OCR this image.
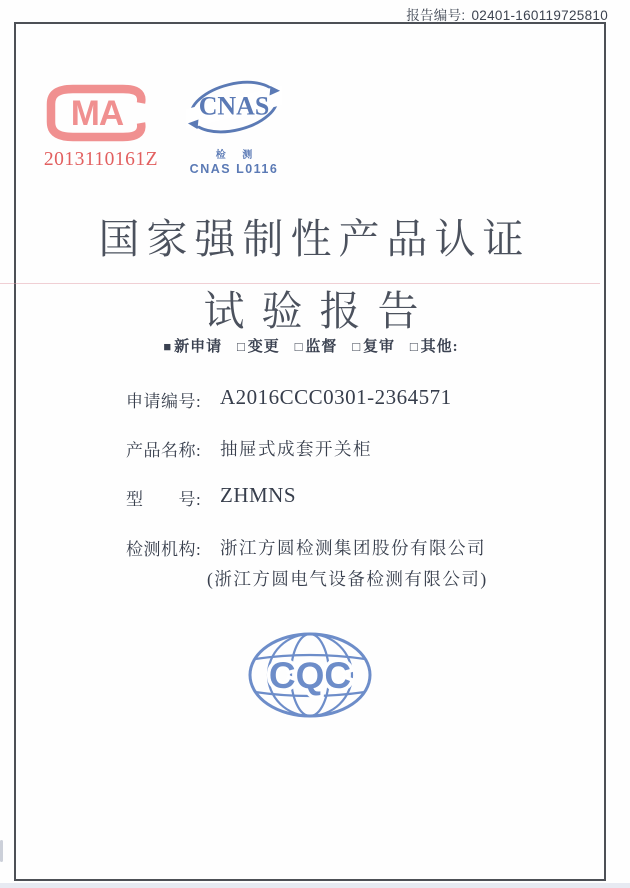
报告编号: 02401-160119725810
MA
2013110161Z
CNAS
检 测
CNAS L0116
国家强制性产品认证
试验报告
■ 新申请 □ 变更 □ 监督 □ 复审 □ 其他:
申请编号: A2016CCC0301-2364571
产品名称:	抽屉式成套开关柜
型　　号: ZHMNS
检测机构:	浙江方圆检测集团股份有限公司
(浙江方圆电气设备检测有限公司)
CQC
